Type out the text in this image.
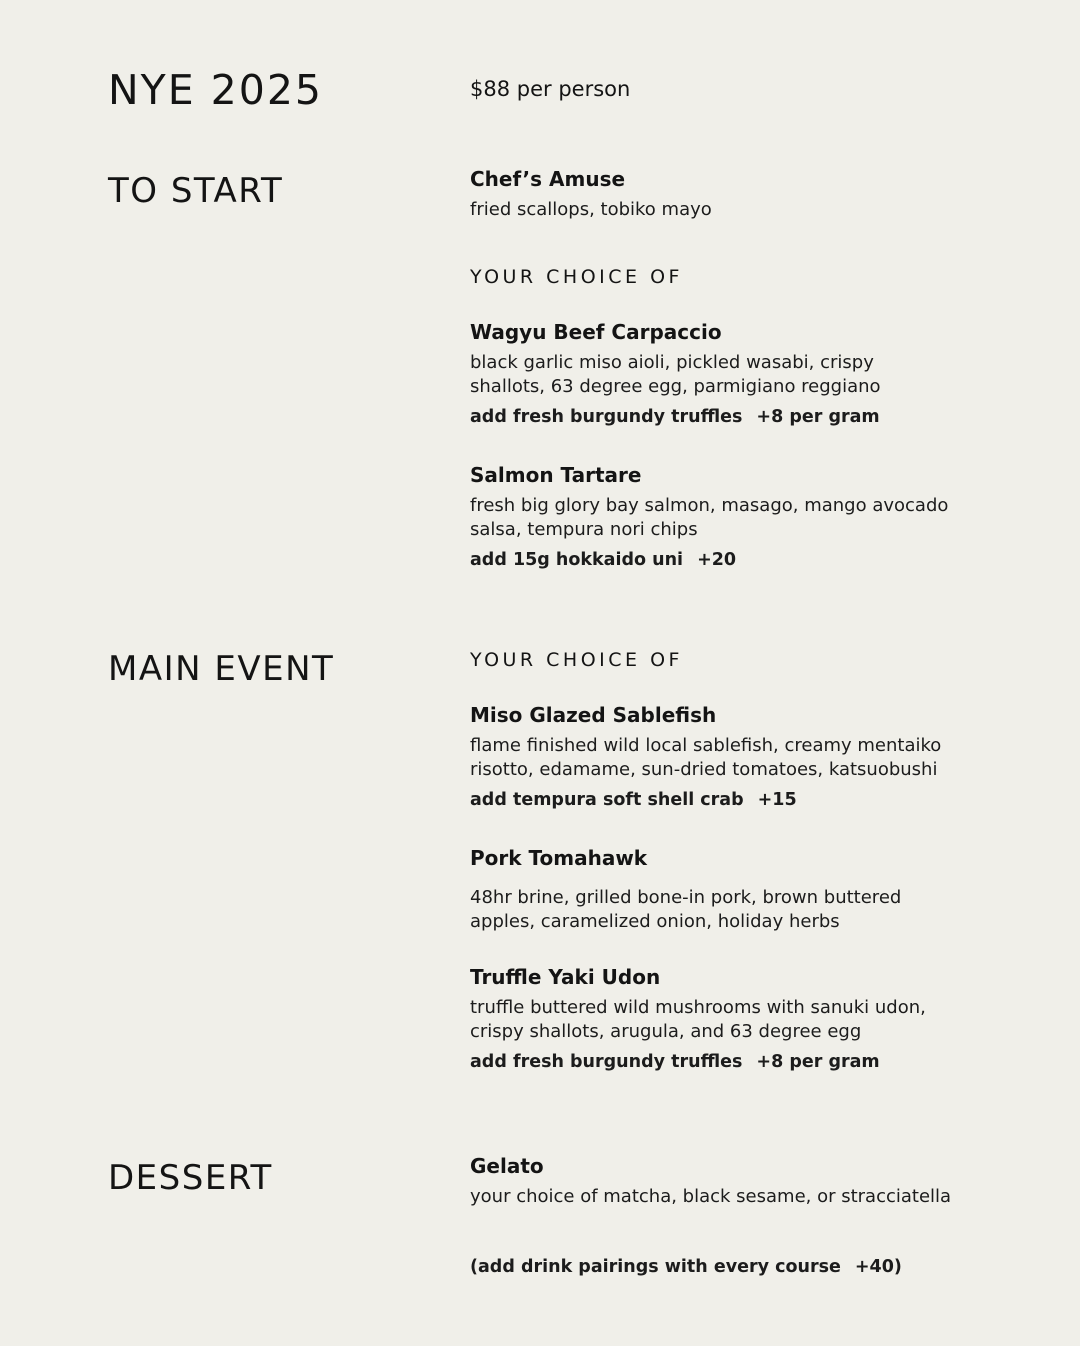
NYE 2025	$88 per person
TO START	Chef’s Amuse

fried scallops, tobiko mayo

YOUR CHOICE OF

Wagyu Beef Carpaccio

black garlic miso aioli, pickled wasabi, crispy

shallots, 63 degree egg, parmigiano reggiano

add fresh burgundy truffles +8 per gram

Salmon Tartare

fresh big glory bay salmon, masago, mango avocado

salsa, tempura nori chips

add 15g hokkaido uni +20
MAIN EVENT	YOUR CHOICE OF

Miso Glazed Sablefish

flame finished wild local sablefish, creamy mentaiko

risotto, edamame, sun-dried tomatoes, katsuobushi

add tempura soft shell crab +15

Pork Tomahawk

48hr brine, grilled bone-in pork, brown buttered

apples, caramelized onion, holiday herbs

Truffle Yaki Udon

truffle buttered wild mushrooms with sanuki udon,

crispy shallots, arugula, and 63 degree egg

add fresh burgundy truffles +8 per gram
DESSERT	Gelato

your choice of matcha, black sesame, or stracciatella

(add drink pairings with every course +40)
